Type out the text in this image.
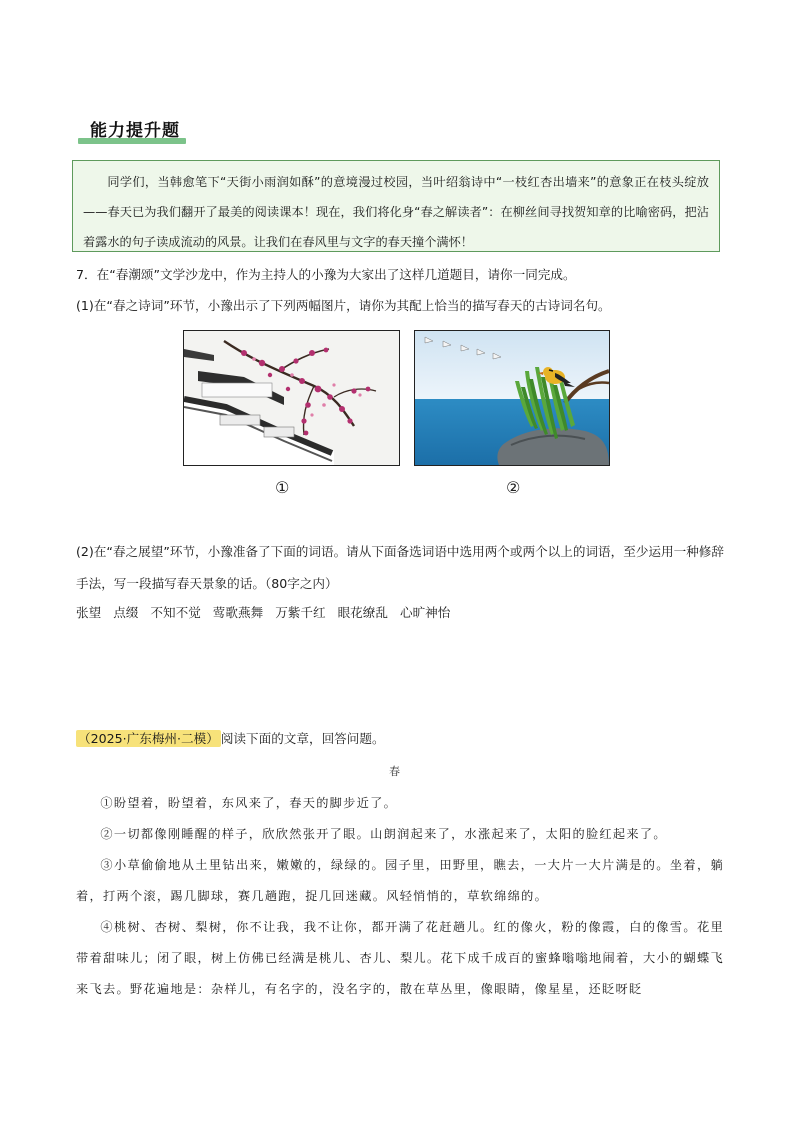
能力提升题
同学们，当韩愈笔下“天街小雨润如酥”的意境漫过校园，当叶绍翁诗中“一枝红杏出墙来”的意象正在枝头绽放——春天已为我们翻开了最美的阅读课本！现在，我们将化身“春之解读者”：在柳丝间寻找贺知章的比喻密码，把沾着露水的句子读成流动的风景。让我们在春风里与文字的春天撞个满怀！
7．在“春潮颂”文学沙龙中，作为主持人的小豫为大家出了这样几道题目，请你一同完成。
(1)在“春之诗词”环节，小豫出示了下列两幅图片，请你为其配上恰当的描写春天的古诗词名句。
①	②
(2)在“春之展望”环节，小豫准备了下面的词语。请从下面备选词语中选用两个或两个以上的词语，至少运用一种修辞手法，写一段描写春天景象的话。（80字之内）
张望 点缀 不知不觉 莺歌燕舞 万紫千红 眼花缭乱 心旷神怡
（2025·广东梅州·二模） 阅读下面的文章，回答问题。
春

①盼望着，盼望着，东风来了，春天的脚步近了。

②一切都像刚睡醒的样子，欣欣然张开了眼。山朗润起来了，水涨起来了，太阳的脸红起来了。

③小草偷偷地从土里钻出来，嫩嫩的，绿绿的。园子里，田野里，瞧去，一大片一大片满是的。坐着，躺着，打两个滚，踢几脚球，赛几趟跑，捉几回迷藏。风轻悄悄的，草软绵绵的。

④桃树、杏树、梨树，你不让我，我不让你，都开满了花赶趟儿。红的像火，粉的像霞，白的像雪。花里带着甜味儿；闭了眼，树上仿佛已经满是桃儿、杏儿、梨儿。花下成千成百的蜜蜂嗡嗡地闹着，大小的蝴蝶飞来飞去。野花遍地是：杂样儿，有名字的，没名字的，散在草丛里，像眼睛，像星星，还眨呀眨
